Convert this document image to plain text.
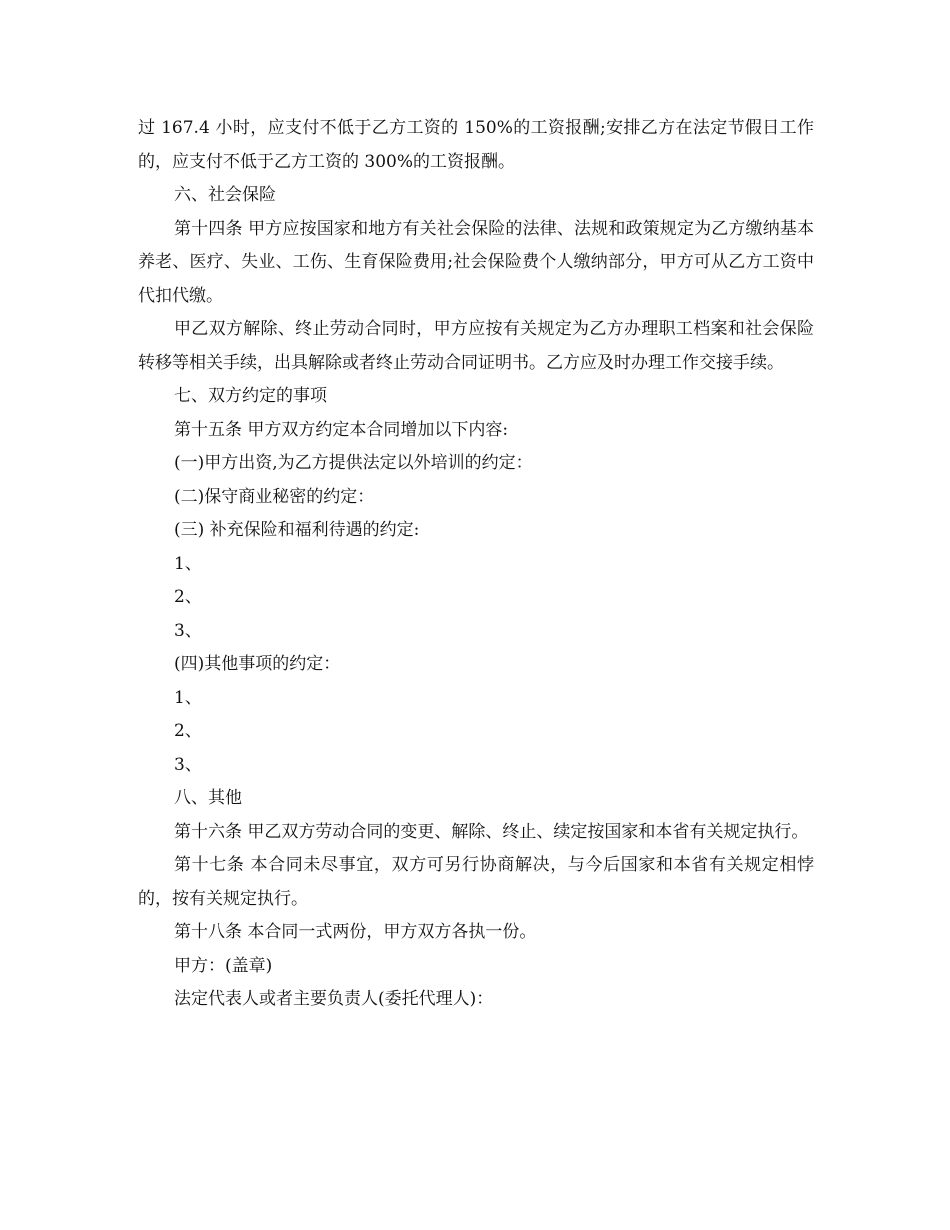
过 167.4 小时，应支付不低于乙方工资的 150%的工资报酬;安排乙方在法定节假日工作的，应支付不低于乙方工资的 300%的工资报酬。

六、社会保险

第十四条 甲方应按国家和地方有关社会保险的法律、法规和政策规定为乙方缴纳基本养老、医疗、失业、工伤、生育保险费用;社会保险费个人缴纳部分，甲方可从乙方工资中代扣代缴。

甲乙双方解除、终止劳动合同时，甲方应按有关规定为乙方办理职工档案和社会保险转移等相关手续，出具解除或者终止劳动合同证明书。乙方应及时办理工作交接手续。

七、双方约定的事项

第十五条 甲方双方约定本合同增加以下内容:

(一)甲方出资,为乙方提供法定以外培训的约定：

(二)保守商业秘密的约定：

(三) 补充保险和福利待遇的约定:

1、

2、

3、

(四)其他事项的约定：

1、

2、

3、

八、其他

第十六条 甲乙双方劳动合同的变更、解除、终止、续定按国家和本省有关规定执行。

第十七条 本合同未尽事宜，双方可另行协商解决，与今后国家和本省有关规定相悖的，按有关规定执行。

第十八条 本合同一式两份，甲方双方各执一份。

甲方：(盖章)

法定代表人或者主要负责人(委托代理人)：
